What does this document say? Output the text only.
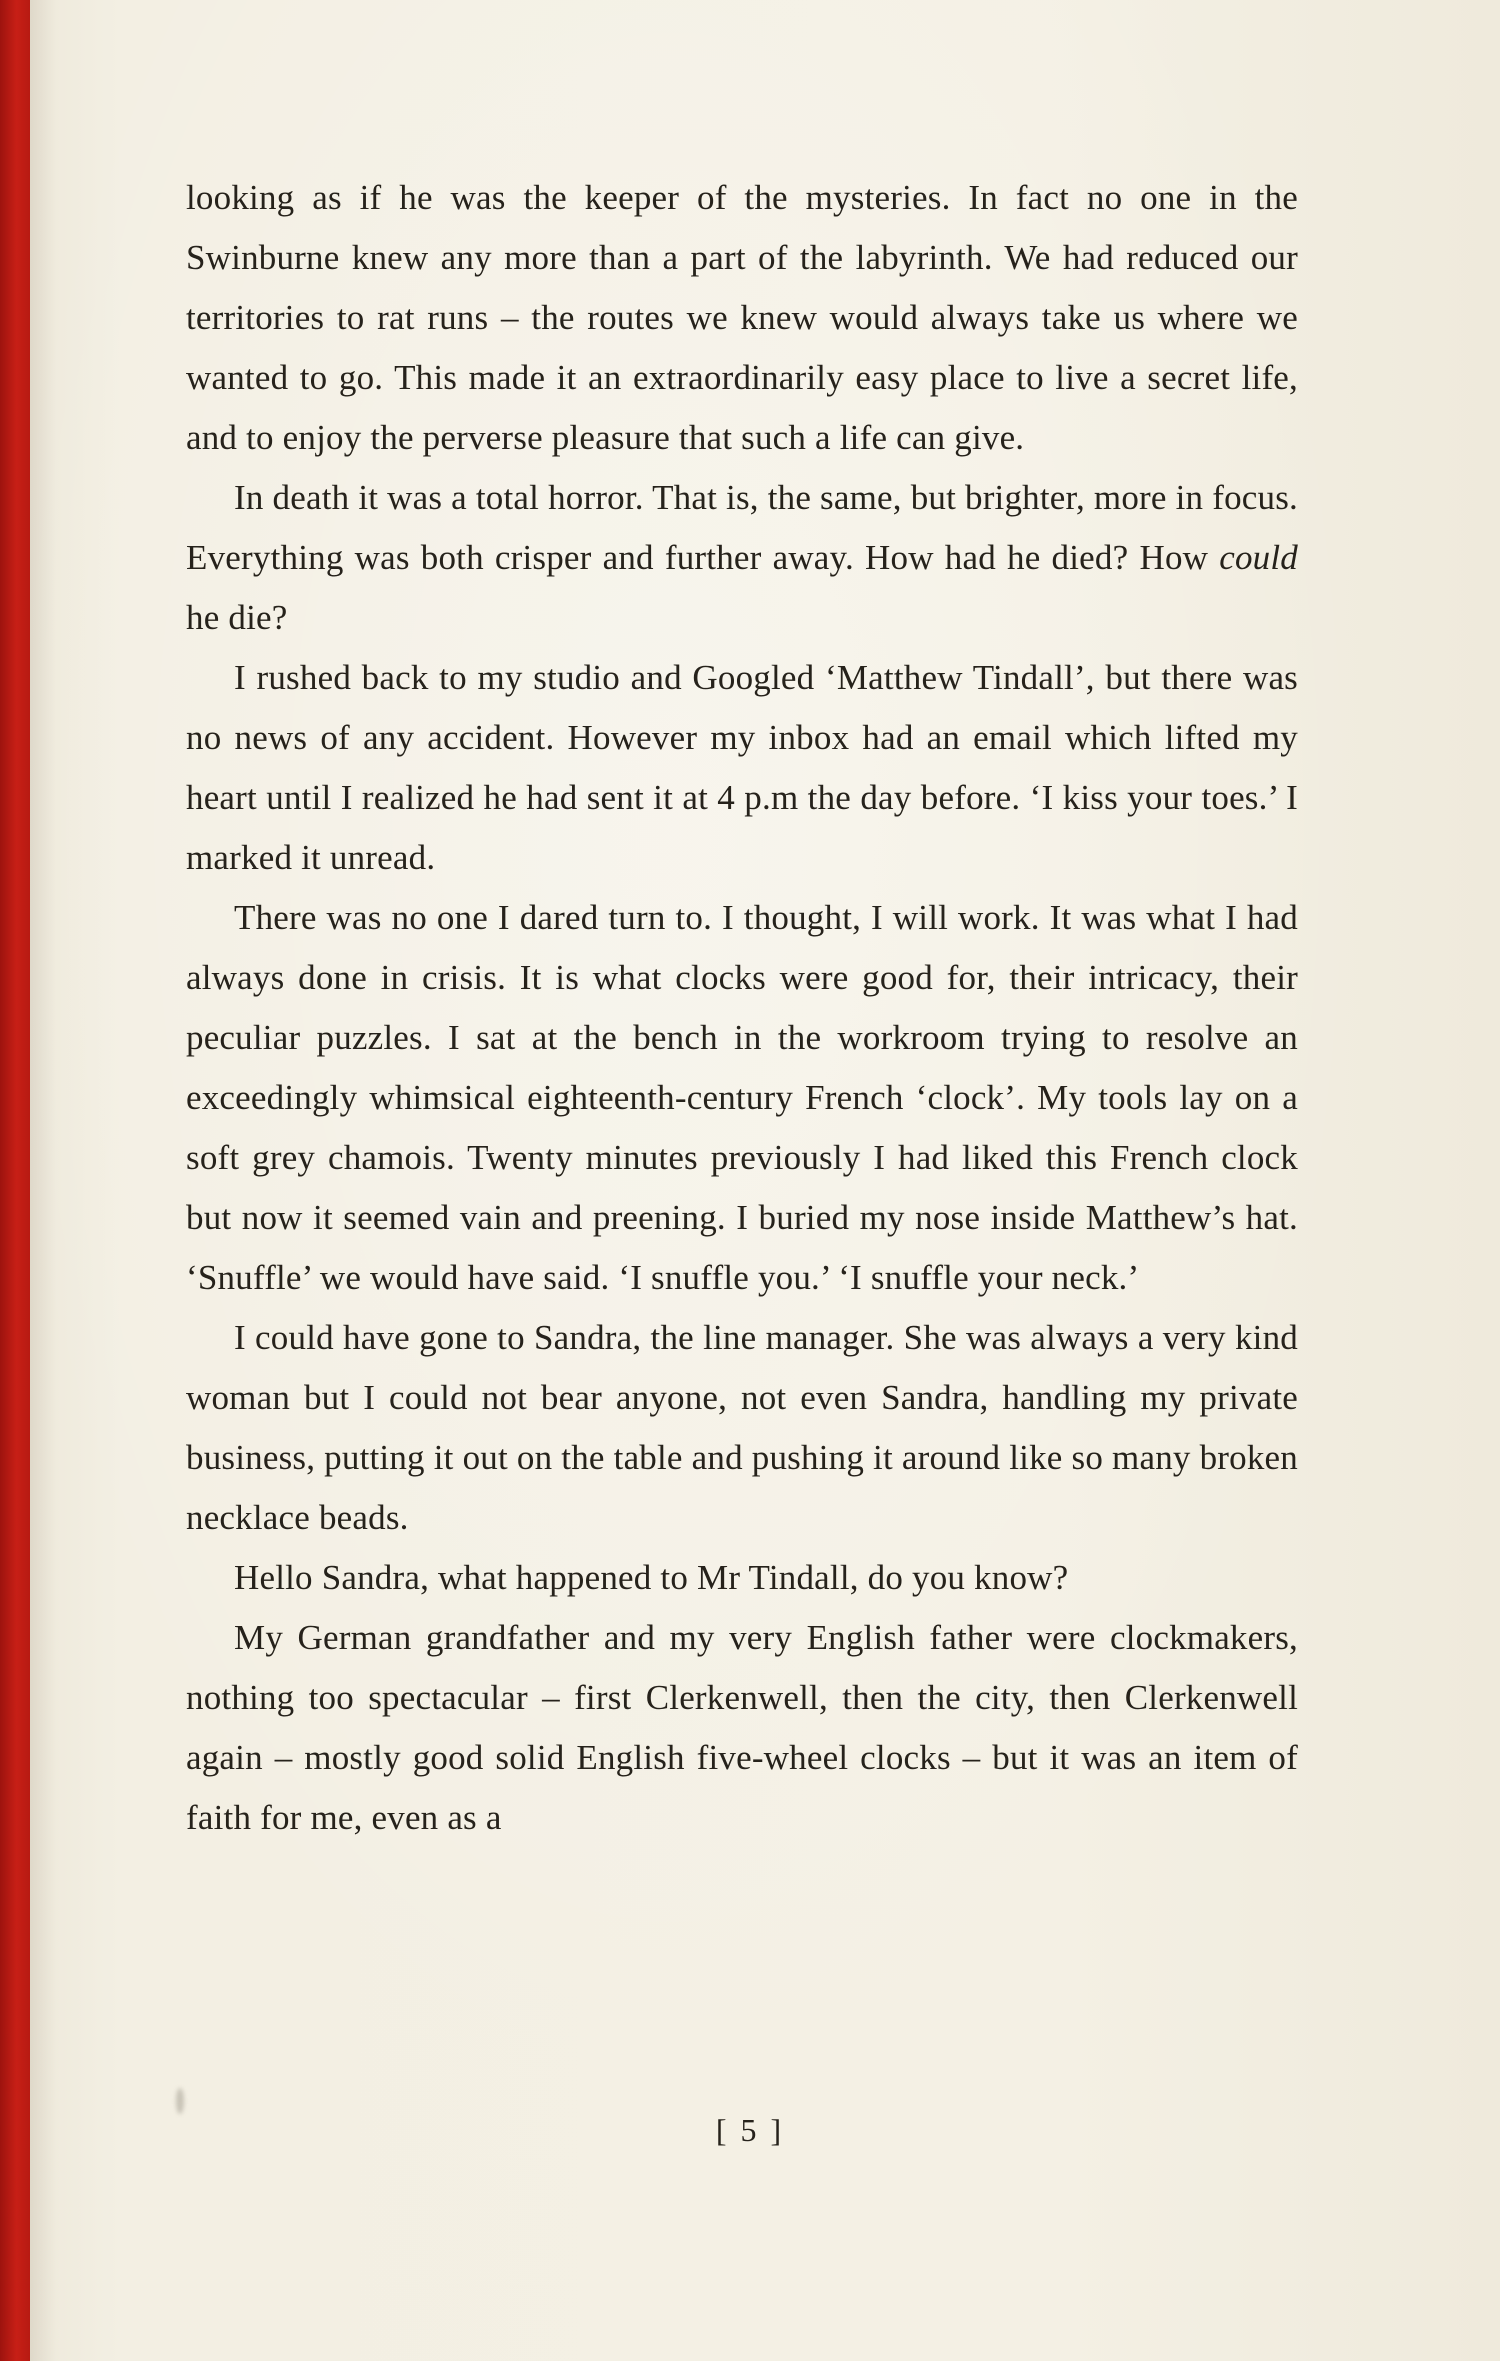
looking as if he was the keeper of the mysteries. In fact no one in the Swinburne knew any more than a part of the labyrinth. We had reduced our territories to rat runs – the routes we knew would always take us where we wanted to go. This made it an extraordinarily easy place to live a secret life, and to enjoy the perverse pleasure that such a life can give.

In death it was a total horror. That is, the same, but brighter, more in focus. Everything was both crisper and further away. How had he died? How could he die?

I rushed back to my studio and Googled ‘Matthew Tindall’, but there was no news of any accident. However my inbox had an email which lifted my heart until I realized he had sent it at 4 p.m the day before. ‘I kiss your toes.’ I marked it unread.

There was no one I dared turn to. I thought, I will work. It was what I had always done in crisis. It is what clocks were good for, their intricacy, their peculiar puzzles. I sat at the bench in the workroom trying to resolve an exceedingly whimsical eighteenth-century French ‘clock’. My tools lay on a soft grey chamois. Twenty minutes previously I had liked this French clock but now it seemed vain and preening. I buried my nose inside Matthew’s hat. ‘Snuffle’ we would have said. ‘I snuffle you.’ ‘I snuffle your neck.’

I could have gone to Sandra, the line manager. She was always a very kind woman but I could not bear anyone, not even Sandra, handling my private business, putting it out on the table and pushing it around like so many broken necklace beads.

Hello Sandra, what happened to Mr Tindall, do you know?

My German grandfather and my very English father were clockmakers, nothing too spectacular – first Clerkenwell, then the city, then Clerkenwell again – mostly good solid English five-wheel clocks – but it was an item of faith for me, even as a

[ 5 ]
